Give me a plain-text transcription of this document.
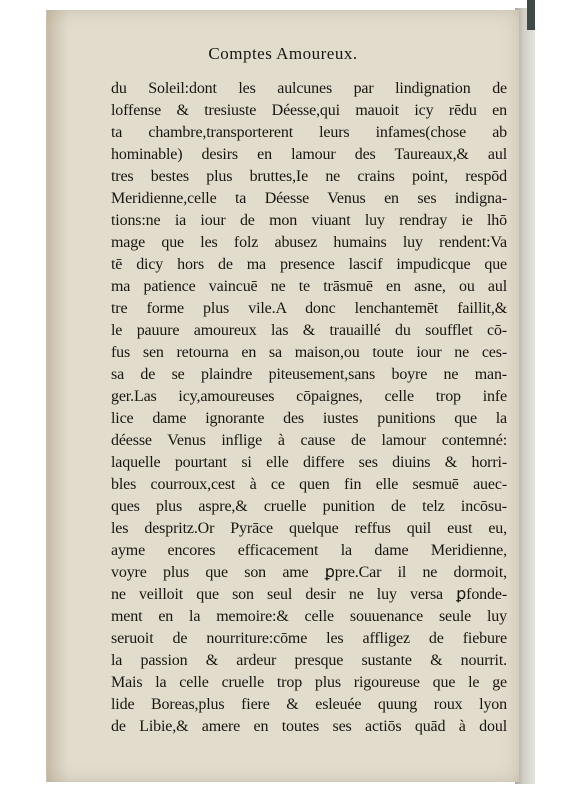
Comptes Amoureux.
du Soleil:dont les aulcunes par lindignation de
loffense & tresiuste Déesse,qui mauoit icy rēdu en
ta chambre,transporterent leurs infames(chose ab
hominable) desirs en lamour des Taureaux,& aul
tres bestes plus bruttes,Ie ne crains point, respōd
Meridienne,celle ta Déesse Venus en ses indigna-
tions:ne ia iour de mon viuant luy rendray ie lhō
mage que les folz abusez humains luy rendent:Va
tē dicy hors de ma presence lascif impudicque que
ma patience vaincuē ne te trāsmuē en asne, ou aul
tre forme plus vile.A donc lenchantemēt faillit,&
le pauure amoureux las & trauaillé du soufflet cō-
fus sen retourna en sa maison,ou toute iour ne ces-
sa de se plaindre piteusement,sans boyre ne man-
ger.Las icy,amoureuses cōpaignes, celle trop infe
lice dame ignorante des iustes punitions que la
déesse Venus inflige à cause de lamour contemné:
laquelle pourtant si elle differe ses diuins & horri-
bles courroux,cest à ce quen fin elle sesmuē auec-
ques plus aspre,& cruelle punition de telz incōsu-
les despritz.Or Pyrāce quelque reffus quil eust eu,
ayme encores efficacement la dame Meridienne,
voyre plus que son ame ꝑpre.Car il ne dormoit,
ne veilloit que son seul desir ne luy versa ꝑfonde-
ment en la memoire:& celle souuenance seule luy
seruoit de nourriture:cōme les affligez de fiebure
la passion & ardeur presque sustante & nourrit.
Mais la celle cruelle trop plus rigoureuse que le ge
lide Boreas,plus fiere & esleuée quung roux lyon
de Libie,& amere en toutes ses actiōs quād à doul
